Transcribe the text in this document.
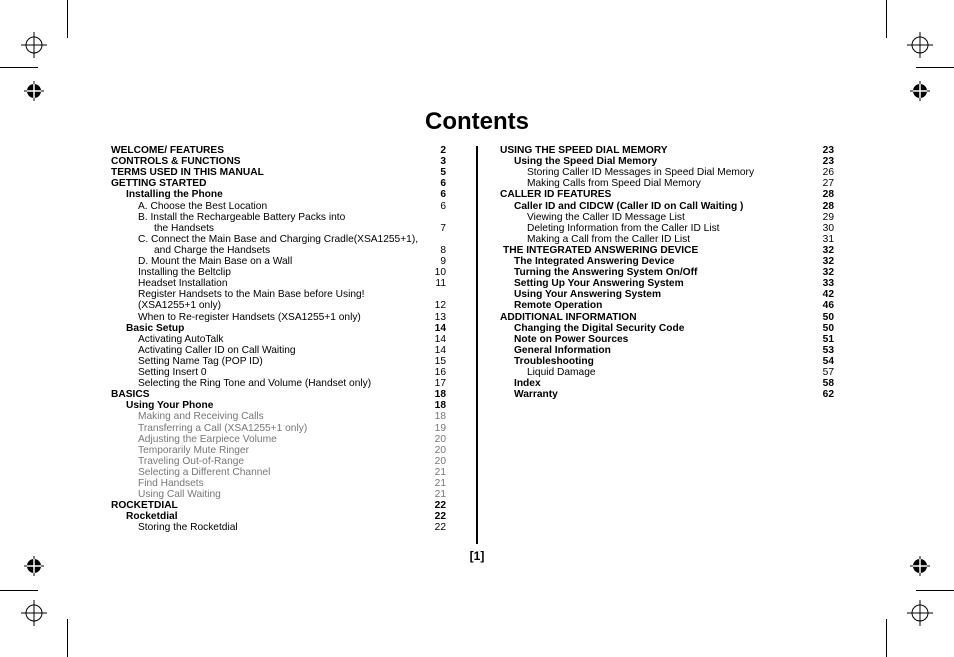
Contents
WELCOME/ FEATURES	2
CONTROLS & FUNCTIONS	3
TERMS USED IN THIS MANUAL	5
GETTING STARTED	6
Installing the Phone	6
A. Choose the Best Location	6
B. Install the Rechargeable Battery Packs into
the Handsets	7
C. Connect the Main Base and Charging Cradle(XSA1255+1),
and Charge the Handsets	8
D. Mount the Main Base on a Wall	9
Installing the Beltclip	10
Headset Installation	11
Register Handsets to the Main Base before Using!
(XSA1255+1 only)	12
When to Re-register Handsets (XSA1255+1 only)	13
Basic Setup	14
Activating AutoTalk	14
Activating Caller ID on Call Waiting	14
Setting Name Tag (POP ID)	15
Setting Insert 0	16
Selecting the Ring Tone and Volume (Handset only)	17
BASICS	18
Using Your Phone	18
Making and Receiving Calls	18
Transferring a Call (XSA1255+1 only)	19
Adjusting the Earpiece Volume	20
Temporarily Mute Ringer	20
Traveling Out-of-Range	20
Selecting a Different Channel	21
Find Handsets	21
Using Call Waiting	21
ROCKETDIAL	22
Rocketdial	22
Storing the Rocketdial	22
USING THE SPEED DIAL MEMORY	23
Using the Speed Dial Memory	23
Storing Caller ID Messages in Speed Dial Memory	26
Making Calls from Speed Dial Memory	27
CALLER ID FEATURES	28
Caller ID and CIDCW (Caller ID on Call Waiting )	28
Viewing the Caller ID Message List	29
Deleting Information from the Caller ID List	30
Making a Call from the Caller ID List	31
THE INTEGRATED ANSWERING DEVICE	32
The Integrated Answering Device	32
Turning the Answering System On/Off	32
Setting Up Your Answering System	33
Using Your Answering System	42
Remote Operation	46
ADDITIONAL INFORMATION	50
Changing the Digital Security Code	50
Note on Power Sources	51
General Information	53
Troubleshooting	54
Liquid Damage	57
Index	58
Warranty	62
[1]
